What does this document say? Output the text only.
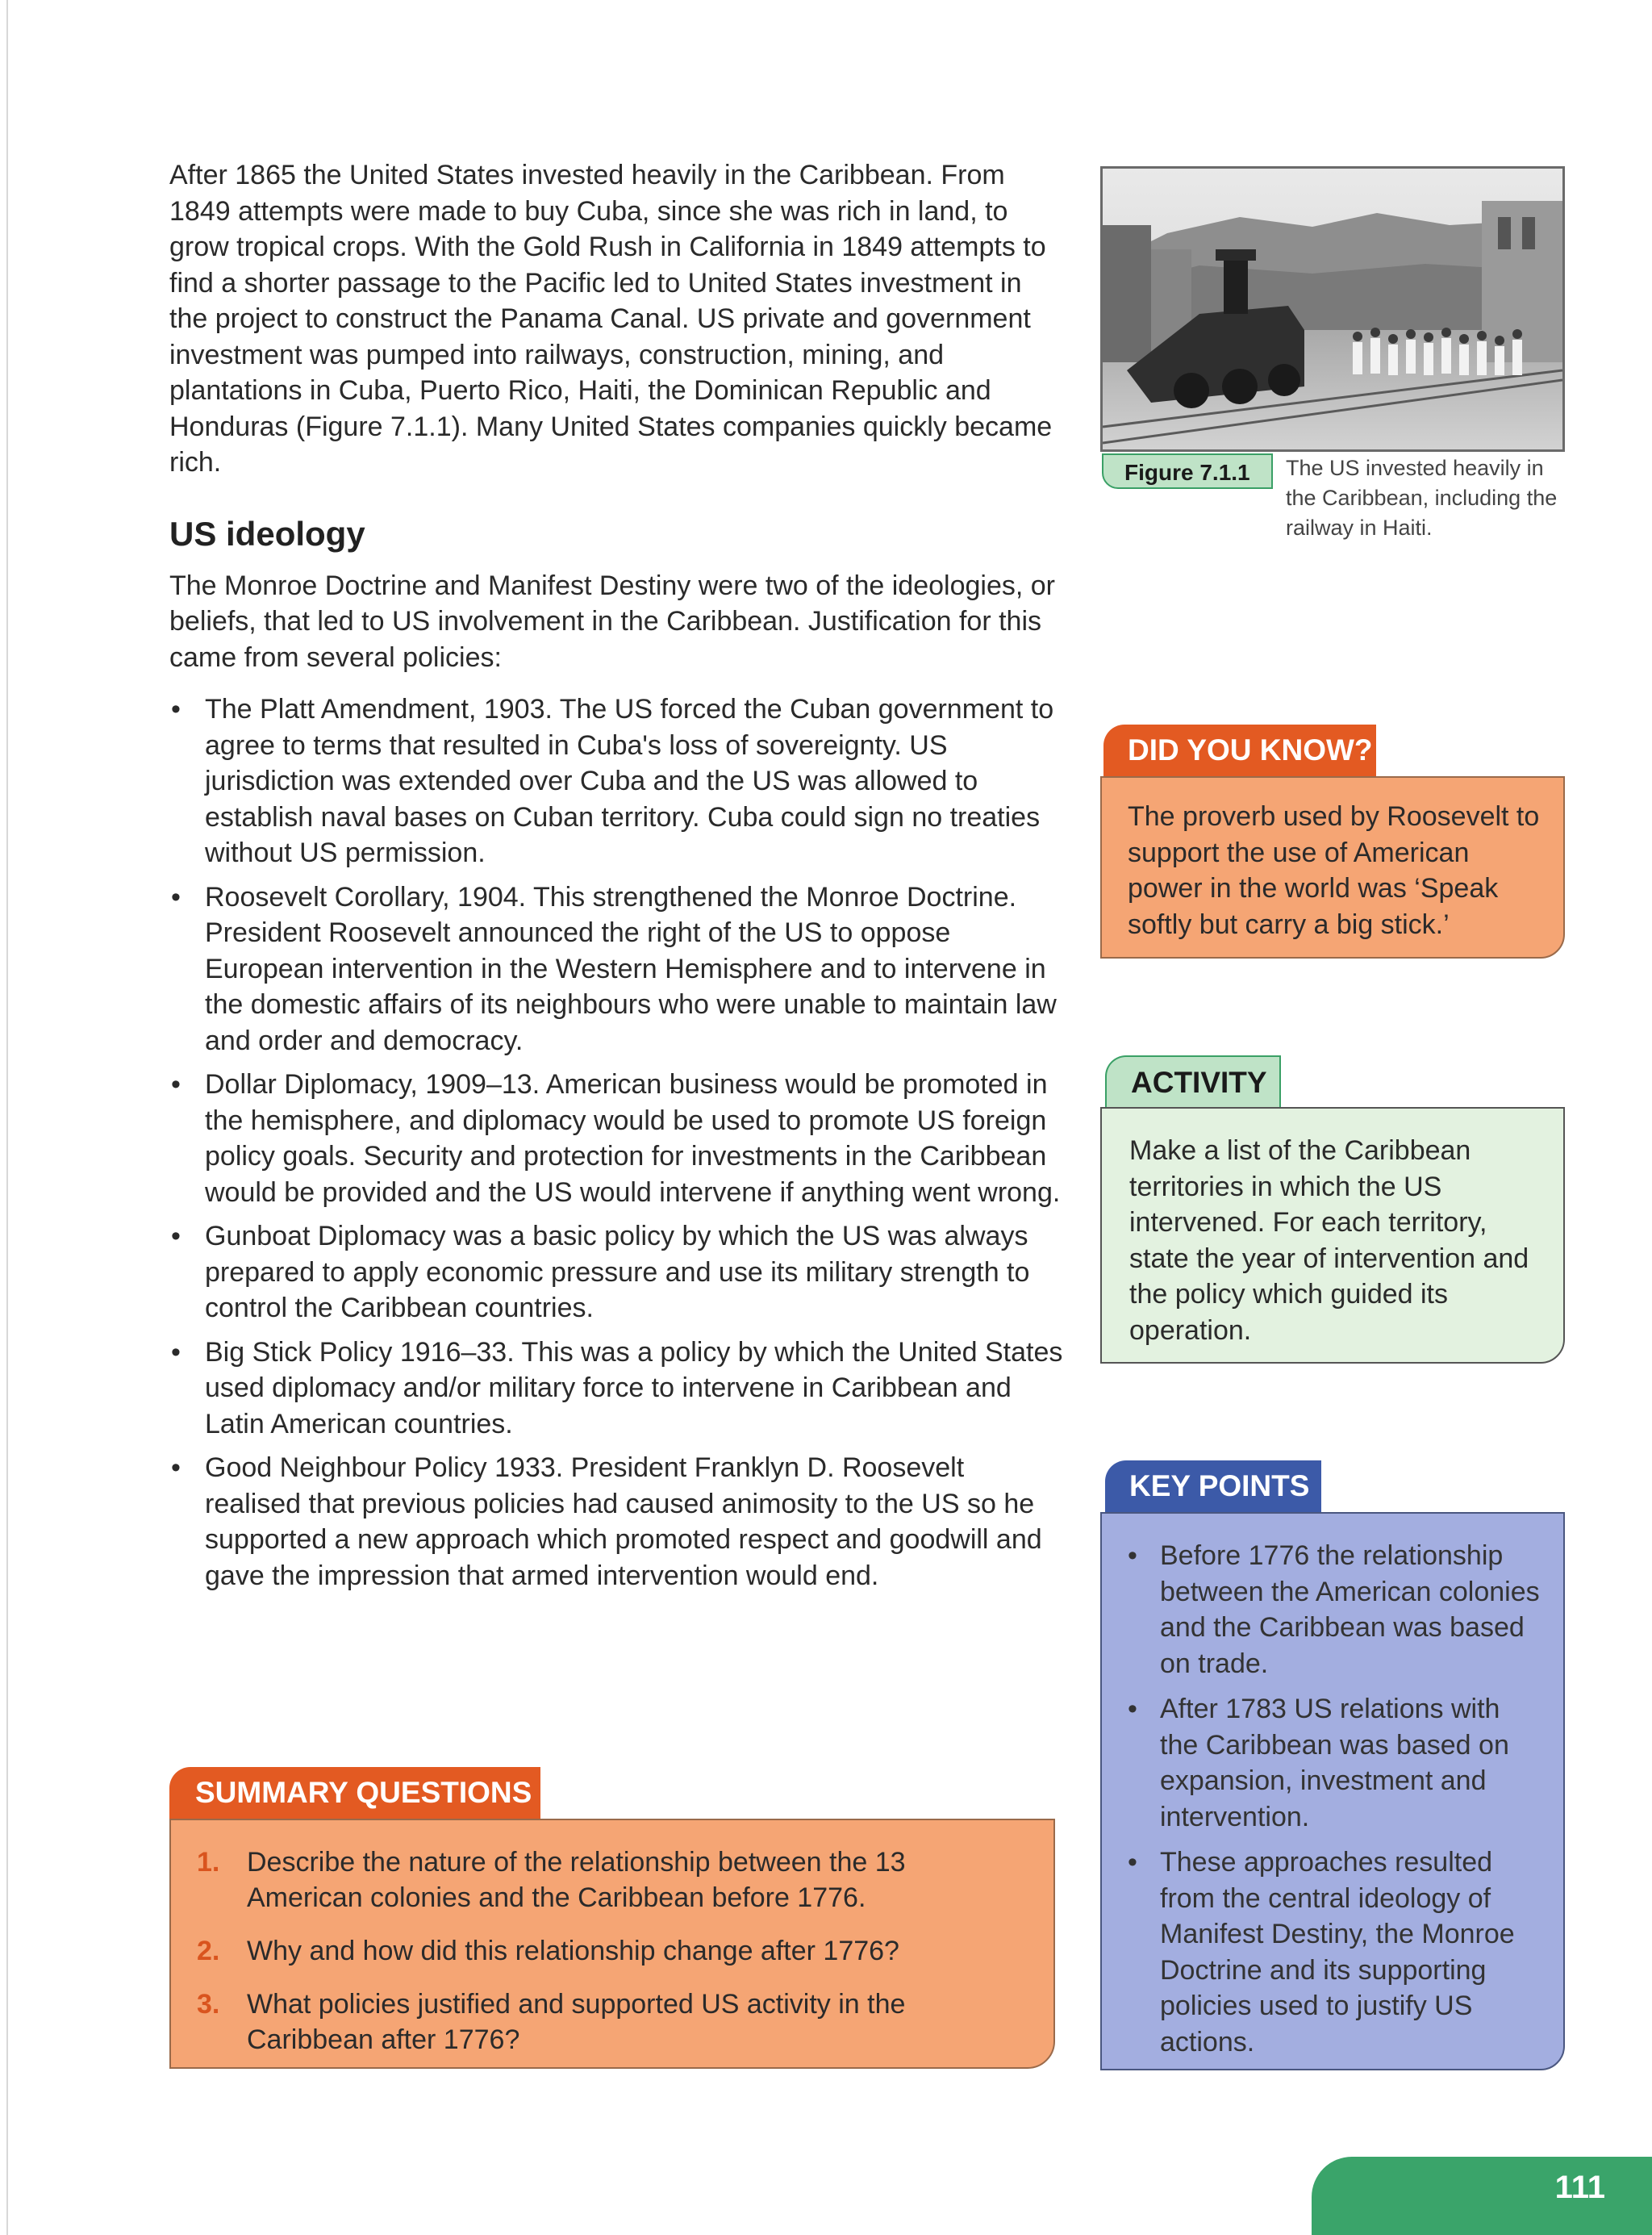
After 1865 the United States invested heavily in the Caribbean. From 1849 attempts were made to buy Cuba, since she was rich in land, to grow tropical crops. With the Gold Rush in California in 1849 attempts to find a shorter passage to the Pacific led to United States investment in the project to construct the Panama Canal. US private and government investment was pumped into railways, construction, mining, and plantations in Cuba, Puerto Rico, Haiti, the Dominican Republic and Honduras (Figure 7.1.1). Many United States companies quickly became rich.

US ideology

The Monroe Doctrine and Manifest Destiny were two of the ideologies, or beliefs, that led to US involvement in the Caribbean. Justification for this came from several policies:

• The Platt Amendment, 1903. The US forced the Cuban government to agree to terms that resulted in Cuba's loss of sovereignty. US jurisdiction was extended over Cuba and the US was allowed to establish naval bases on Cuban territory. Cuba could sign no treaties without US permission.
• Roosevelt Corollary, 1904. This strengthened the Monroe Doctrine. President Roosevelt announced the right of the US to oppose European intervention in the Western Hemisphere and to intervene in the domestic affairs of its neighbours who were unable to maintain law and order and democracy.
• Dollar Diplomacy, 1909–13. American business would be promoted in the hemisphere, and diplomacy would be used to promote US foreign policy goals. Security and protection for investments in the Caribbean would be provided and the US would intervene if anything went wrong.
• Gunboat Diplomacy was a basic policy by which the US was always prepared to apply economic pressure and use its military strength to control the Caribbean countries.
• Big Stick Policy 1916–33. This was a policy by which the United States used diplomacy and/or military force to intervene in Caribbean and Latin American countries.
• Good Neighbour Policy 1933. President Franklyn D. Roosevelt realised that previous policies had caused animosity to the US so he supported a new approach which promoted respect and goodwill and gave the impression that armed intervention would end.
SUMMARY QUESTIONS
1. Describe the nature of the relationship between the 13 American colonies and the Caribbean before 1776.
2. Why and how did this relationship change after 1776?
3. What policies justified and supported US activity in the Caribbean after 1776?
Figure 7.1.1	The US invested heavily in the Caribbean, including the railway in Haiti.
DID YOU KNOW?
The proverb used by Roosevelt to support the use of American power in the world was ‘Speak softly but carry a big stick.’
ACTIVITY
Make a list of the Caribbean territories in which the US intervened. For each territory, state the year of intervention and the policy which guided its operation.
KEY POINTS
• Before 1776 the relationship between the American colonies and the Caribbean was based on trade.
• After 1783 US relations with the Caribbean was based on expansion, investment and intervention.
• These approaches resulted from the central ideology of Manifest Destiny, the Monroe Doctrine and its supporting policies used to justify US actions.
111
